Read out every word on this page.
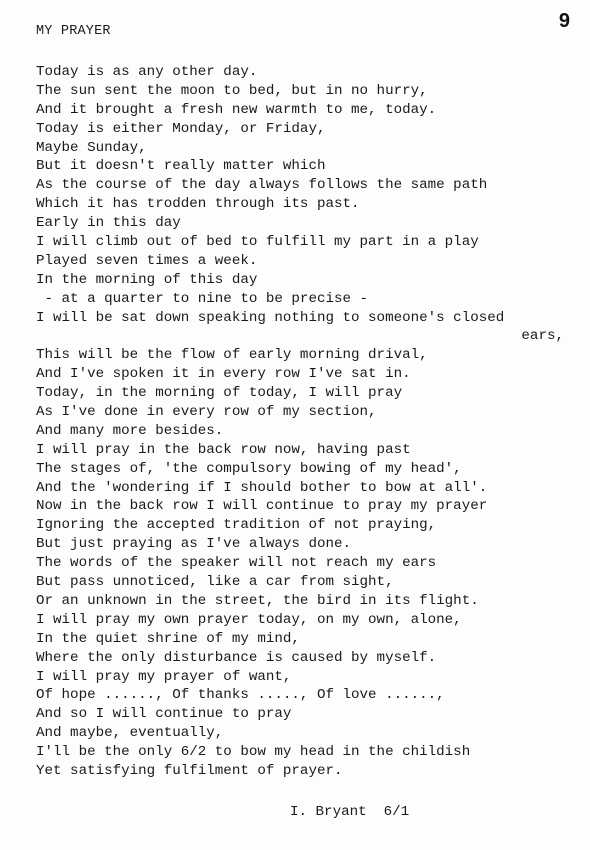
9
MY PRAYER
Today is as any other day.
The sun sent the moon to bed, but in no hurry,
And it brought a fresh new warmth to me, today.
Today is either Monday, or Friday,
Maybe Sunday,
But it doesn't really matter which
As the course of the day always follows the same path
Which it has trodden through its past.
Early in this day
I will climb out of bed to fulfill my part in a play
Played seven times a week.
In the morning of this day
- at a quarter to nine to be precise -
I will be sat down speaking nothing to someone's closed
ears,
This will be the flow of early morning drival,
And I've spoken it in every row I've sat in.
Today, in the morning of today, I will pray
As I've done in every row of my section,
And many more besides.
I will pray in the back row now, having past
The stages of, 'the compulsory bowing of my head',
And the 'wondering if I should bother to bow at all'.
Now in the back row I will continue to pray my prayer
Ignoring the accepted tradition of not praying,
But just praying as I've always done.
The words of the speaker will not reach my ears
But pass unnoticed, like a car from sight,
Or an unknown in the street, the bird in its flight.
I will pray my own prayer today, on my own, alone,
In the quiet shrine of my mind,
Where the only disturbance is caused by myself.
I will pray my prayer of want,
Of hope ......, Of thanks ....., Of love ......,
And so I will continue to pray
And maybe, eventually,
I'll be the only 6/2 to bow my head in the childish
Yet satisfying fulfilment of prayer.
I. Bryant  6/1
